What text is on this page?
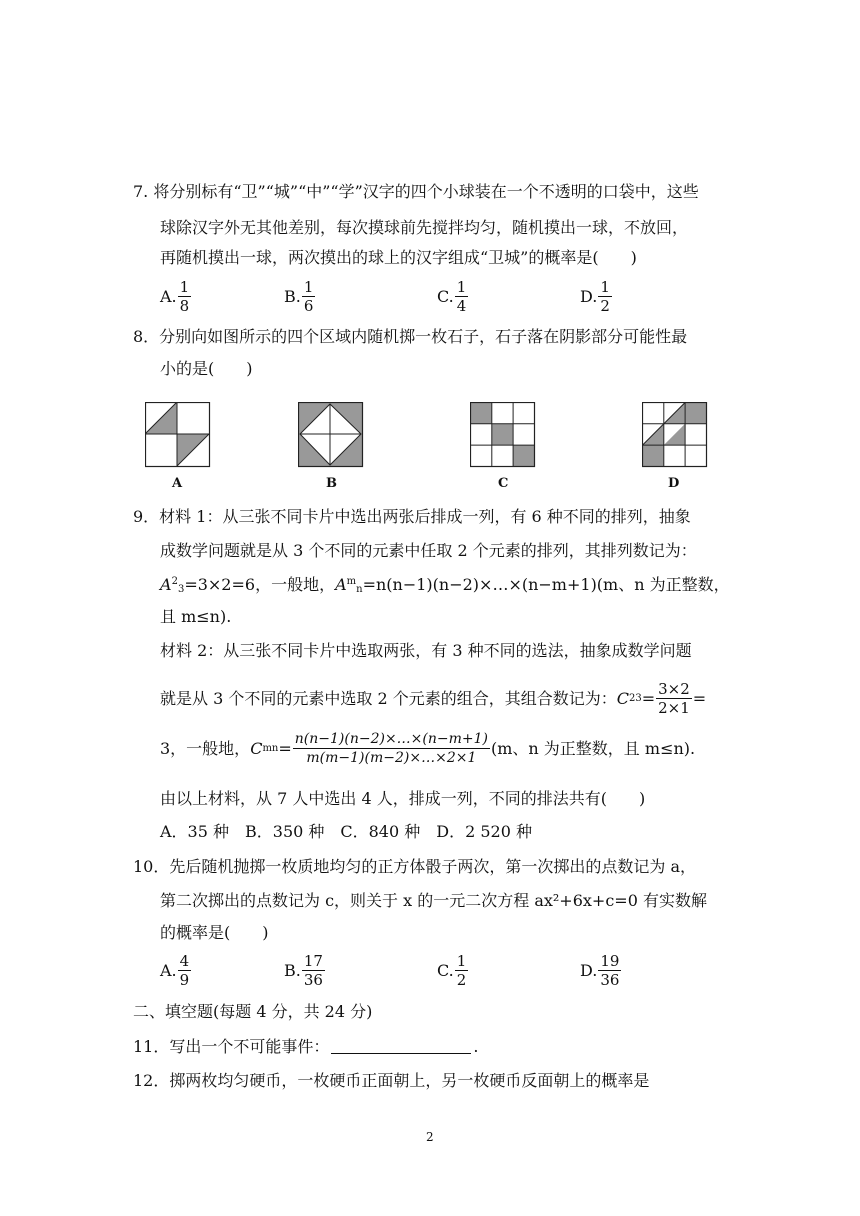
7. 将分别标有“卫”“城”“中”“学”汉字的四个小球装在一个不透明的口袋中，这些
球除汉字外无其他差别，每次摸球前先搅拌均匀，随机摸出一球，不放回，
再随机摸出一球，两次摸出的球上的汉字组成“卫城”的概率是(　　)
A. $\frac{1}{8}$	B. $\frac{1}{6}$	C. $\frac{1}{4}$	D. $\frac{1}{2}$
8．分别向如图所示的四个区域内随机掷一枚石子，石子落在阴影部分可能性最
小的是(　　)
A	B	C	D
9．材料 1：从三张不同卡片中选出两张后排成一列，有 6 种不同的排列，抽象
成数学问题就是从 3 个不同的元素中任取 2 个元素的排列，其排列数记为：
$A^2_3=3\times 2=6$，一般地，$A^m_n=n(n-1)(n-2)\times\dots\times(n-m+1)(m$、n 为正整数，
且 m≤n).
材料 2：从三张不同卡片中选取两张，有 3 种不同的选法，抽象成数学问题
就是从 3 个不同的元素中选取 2 个元素的组合，其组合数记为： C 2 $3 = \frac{3\times 2}{2\times 1}$ =
3，一般地， C m $n = \frac{n(n-1)(n-2)\times\dots\times(n-m+1)}{m(m-1)(m-2)\times\dots\times 2\times 1} (m$、n 为正整数，且 m≤n).
由以上材料，从 7 人中选出 4 人，排成一列，不同的排法共有(　　)
A．35 种　B．350 种　C．840 种　D．2 520 种
10．先后随机抛掷一枚质地均匀的正方体骰子两次，第一次掷出的点数记为 a，
第二次掷出的点数记为 c，则关于 x 的一元二次方程 ax²+6x+c=0 有实数解
的概率是(　　)
A. $\frac{4}{9}$	B. $\frac{17}{36}$	C. $\frac{1}{2}$	D. $\frac{19}{36}$
二、填空题(每题 4 分，共 24 分)
11．写出一个不可能事件：	.
12．掷两枚均匀硬币，一枚硬币正面朝上，另一枚硬币反面朝上的概率是
2
